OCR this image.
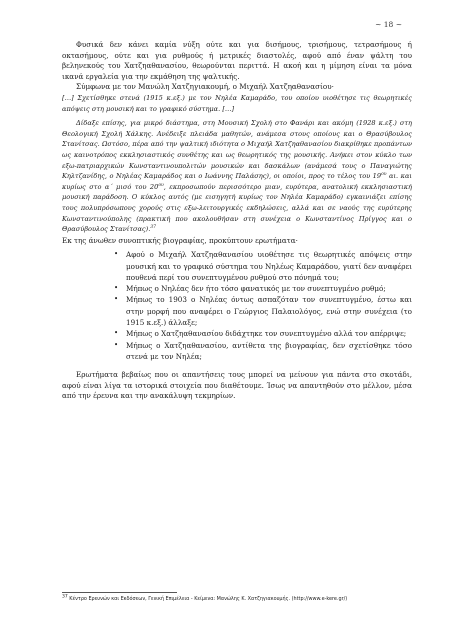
~ 18 ~

Φυσικά δεν κάνει καμία νύξη ούτε και για δισήμους, τρισήμους, τετρασήμους ή οκτασήμους, ούτε και για ρυθμούς ή μετρικές διαστολές, αφού από έναν ψάλτη του βεληνεκούς του Χατζηαθανασίου, θεωρούνται περιττά. Η ακοή και η μίμηση είναι τα μόνα ικανά εργαλεία για την εκμάθηση της ψαλτικής.

Σύμφωνα με τον Μανώλη Χατζηγιακουμή, ο Μιχαήλ Χατζηαθανασίου·

[…] Σχετίσθηκε στενά (1915 κ.εξ.) με τον Νηλέα Καμαράδο, του οποίου υιοθέτησε τις θεωρητικές απόψεις στη μουσική και το γραφικό σύστημα. […]

Δίδαξε επίσης, για μικρό διάστημα, στη Μουσική Σχολή στο Φανάρι και ακόμη (1928 κ.εξ.) στη Θεολογική Σχολή Χάλκης. Ανέδειξε πλειάδα μαθητών, ανάμεσα στους οποίους και ο Θρασύβουλος Στανίτσας. Ωστόσο, πέρα από την ψαλτική ιδιότητα ο Μιχαήλ Χατζηαθανασίου διακρίθηκε προπάντων ως καινοτρόπος εκκλησιαστικός συνθέτης και ως θεωρητικός της μουσικής. Ανήκει στον κύκλο των εξω-πατριαρχικών Κωνσταντινουπολιτών μουσικών και δασκάλων (ανάμεσά τους ο Παναγιώτης Κηλτζανίδης, ο Νηλέας Καμαράδος και ο Ιωάννης Παλάσης), οι οποίοι, προς το τέλος του $19^{o\upsilon}$ αι. και κυρίως στο α΄ μισό του $20^{o\upsilon}$, εκπροσωπούν περισσότερο μιαν, ευρύτερα, ανατολική εκκλησιαστική μουσική παράδοση. Ο κύκλος αυτός (με εισηγητή κυρίως τον Νηλέα Καμαράδο) εγκαινιάζει επίσης τους πολυπρόσωπους χορούς στις εξω-λειτουργικές εκδηλώσεις, αλλά και σε ναούς της ευρύτερης Κωνσταντινούπολης (πρακτική που ακολουθήσαν στη συνέχεια ο Κωνσταντίνος Πρίγγος και ο Θρασύβουλος Στανίτσας).$^{37}$

Εκ της άνωθεν συνοπτικής βιογραφίας, προκύπτουν ερωτήματα·

• Αφού ο Μιχαήλ Χατζηαθανασίου υιοθέτησε τις θεωρητικές απόψεις στην μουσική και το γραφικό σύστημα του Νηλέως Καμαράδου, γιατί δεν αναφέρει πουθενά περί του συνεπτυγμένου ρυθμού στο πόνημά του;
• Μήπως ο Νηλέας δεν ήτο τόσο φανατικός με τον συνεπτυγμένο ρυθμό;
• Μήπως το 1903 ο Νηλέας όντως ασπαζόταν τον συνεπτυγμένο, έστω και στην μορφή που αναφέρει ο Γεώργιος Παλαιολόγος, ενώ στην συνέχεια (το 1915 κ.εξ.) άλλαξε;
• Μήπως ο Χατζηαθανασίου διδάχτηκε τον συνεπτυγμένο αλλά τον απέρριψε;
• Μήπως ο Χατζηαθανασίου, αντίθετα της βιογραφίας, δεν σχετίσθηκε τόσο στενά με τον Νηλέα;

Ερωτήματα βεβαίως που οι απαντήσεις τους μπορεί να μείνουν για πάντα στο σκοτάδι, αφού είναι λίγα τα ιστορικά στοιχεία που διαθέτουμε. Ίσως να απαντηθούν στο μέλλον, μέσα από την έρευνα και την ανακάλυψη τεκμηρίων.

$^{37}$ Κέντρο Ερευνών και Εκδόσεων, Γενική Επιμέλεια - Κείμενα: Μανώλης Κ. Χατζηγιακουμής. (http://www.e-kere.gr/)
